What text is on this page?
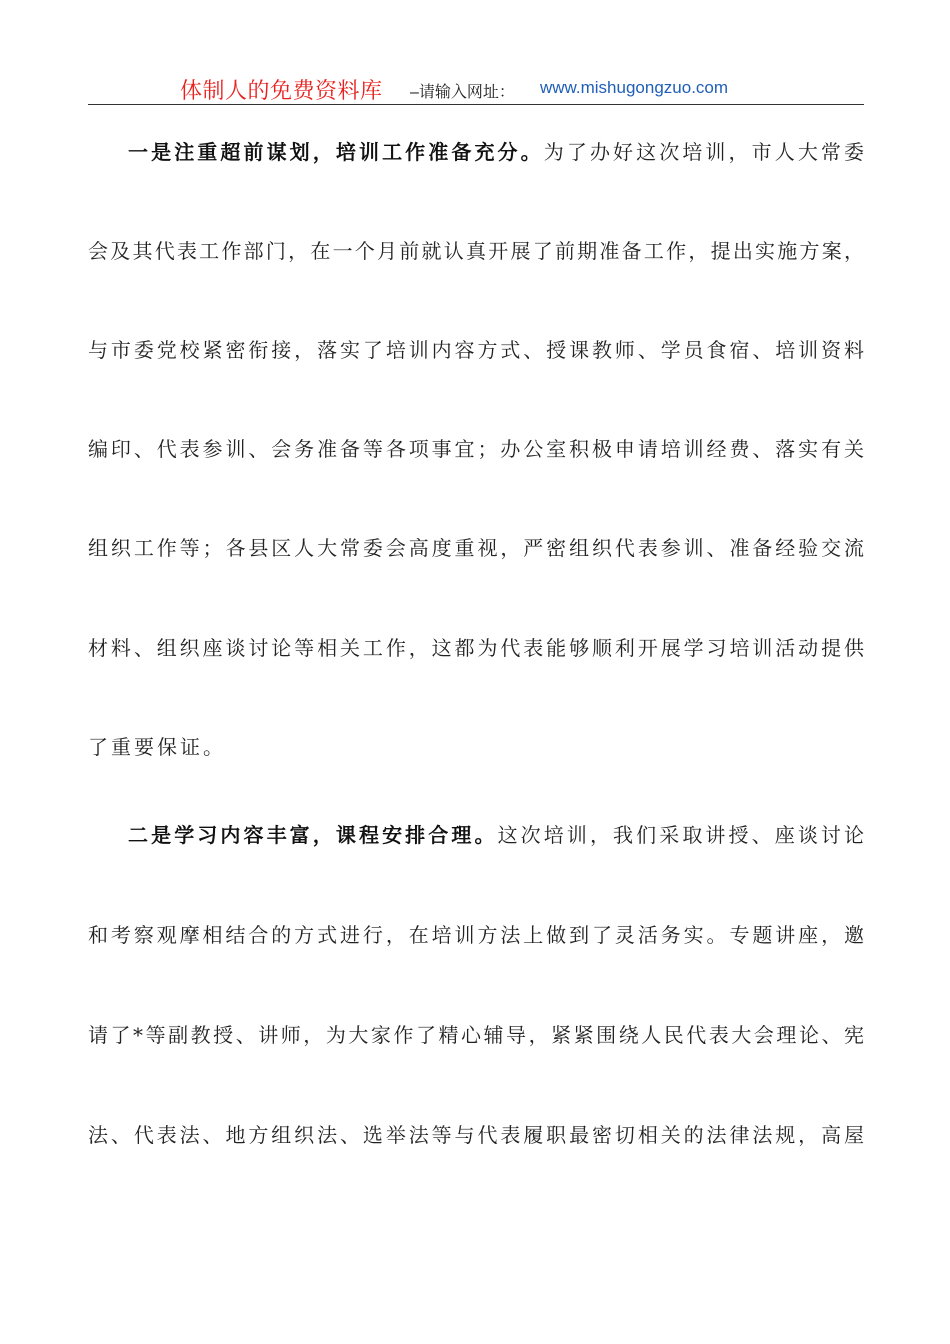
体制人的免费资料库 –请输入网址： www.mishugongzuo.com
一是注重超前谋划，培训工作准备充分。为了办好这次培训，市人大常委
会及其代表工作部门，在一个月前就认真开展了前期准备工作，提出实施方案，
与市委党校紧密衔接，落实了培训内容方式、授课教师、学员食宿、培训资料
编印、代表参训、会务准备等各项事宜；办公室积极申请培训经费、落实有关
组织工作等；各县区人大常委会高度重视，严密组织代表参训、准备经验交流
材料、组织座谈讨论等相关工作，这都为代表能够顺利开展学习培训活动提供
了重要保证。
二是学习内容丰富，课程安排合理。这次培训，我们采取讲授、座谈讨论
和考察观摩相结合的方式进行，在培训方法上做到了灵活务实。专题讲座，邀
请了*等副教授、讲师，为大家作了精心辅导，紧紧围绕人民代表大会理论、宪
法、代表法、地方组织法、选举法等与代表履职最密切相关的法律法规，高屋
